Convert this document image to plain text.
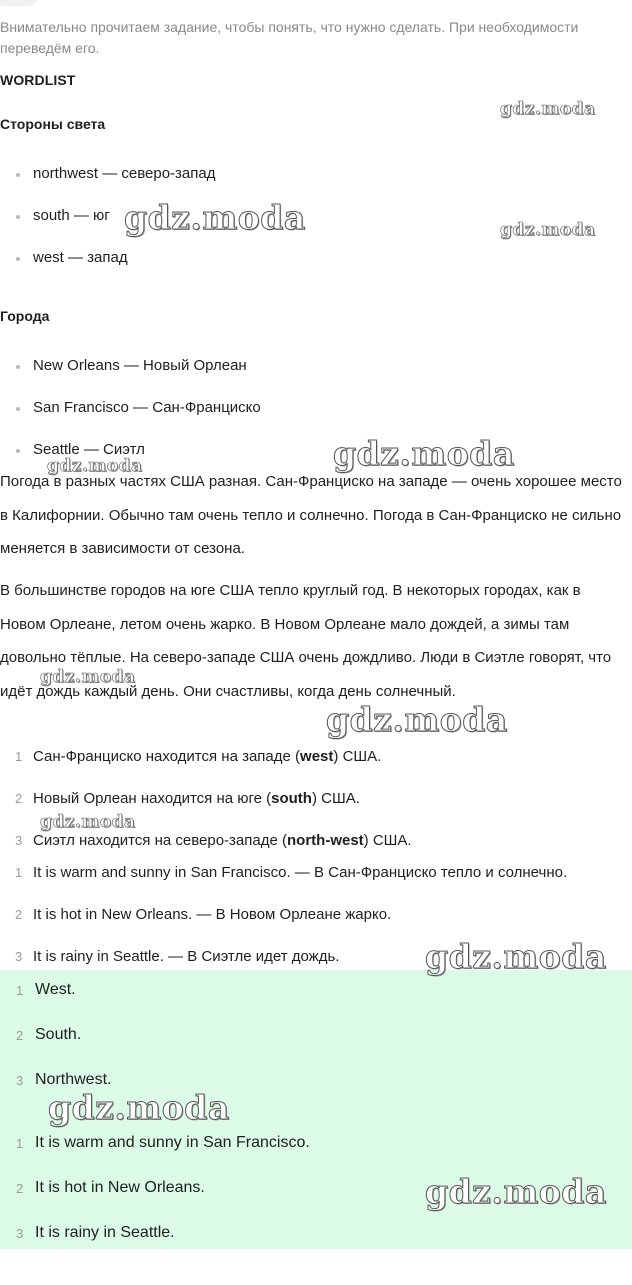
Внимательно прочитаем задание, чтобы понять, что нужно сделать. При необходимости переведём его.
WORDLIST
Стороны света
northwest — северо-запад
south — юг
west — запад
Города
New Orleans — Новый Орлеан
San Francisco — Сан-Франциско
Seattle — Сиэтл
Погода в разных частях США разная. Сан-Франциско на западе — очень хорошее место в Калифорнии. Обычно там очень тепло и солнечно. Погода в Сан-Франциско не сильно меняется в зависимости от сезона.
В большинстве городов на юге США тепло круглый год. В некоторых городах, как в Новом Орлеане, летом очень жарко. В Новом Орлеане мало дождей, а зимы там довольно тёплые. На северо-западе США очень дождливо. Люди в Сиэтле говорят, что идёт дождь каждый день. Они счастливы, когда день солнечный.
1 Сан-Франциско находится на западе (west) США.
2 Новый Орлеан находится на юге (south) США.
3 Сиэтл находится на северо-западе (north-west) США.
1 It is warm and sunny in San Francisco. — В Сан-Франциско тепло и солнечно.
2 It is hot in New Orleans. — В Новом Орлеане жарко.
3 It is rainy in Seattle. — В Сиэтле идет дождь.
1 West.
2 South.
3 Northwest.
1 It is warm and sunny in San Francisco.
2 It is hot in New Orleans.
3 It is rainy in Seattle.
gdz.moda
gdz.moda	gdz.moda
gdz.moda
gdz.moda
gdz.moda
gdz.moda
gdz.moda
gdz.moda
gdz.moda
gdz.moda
